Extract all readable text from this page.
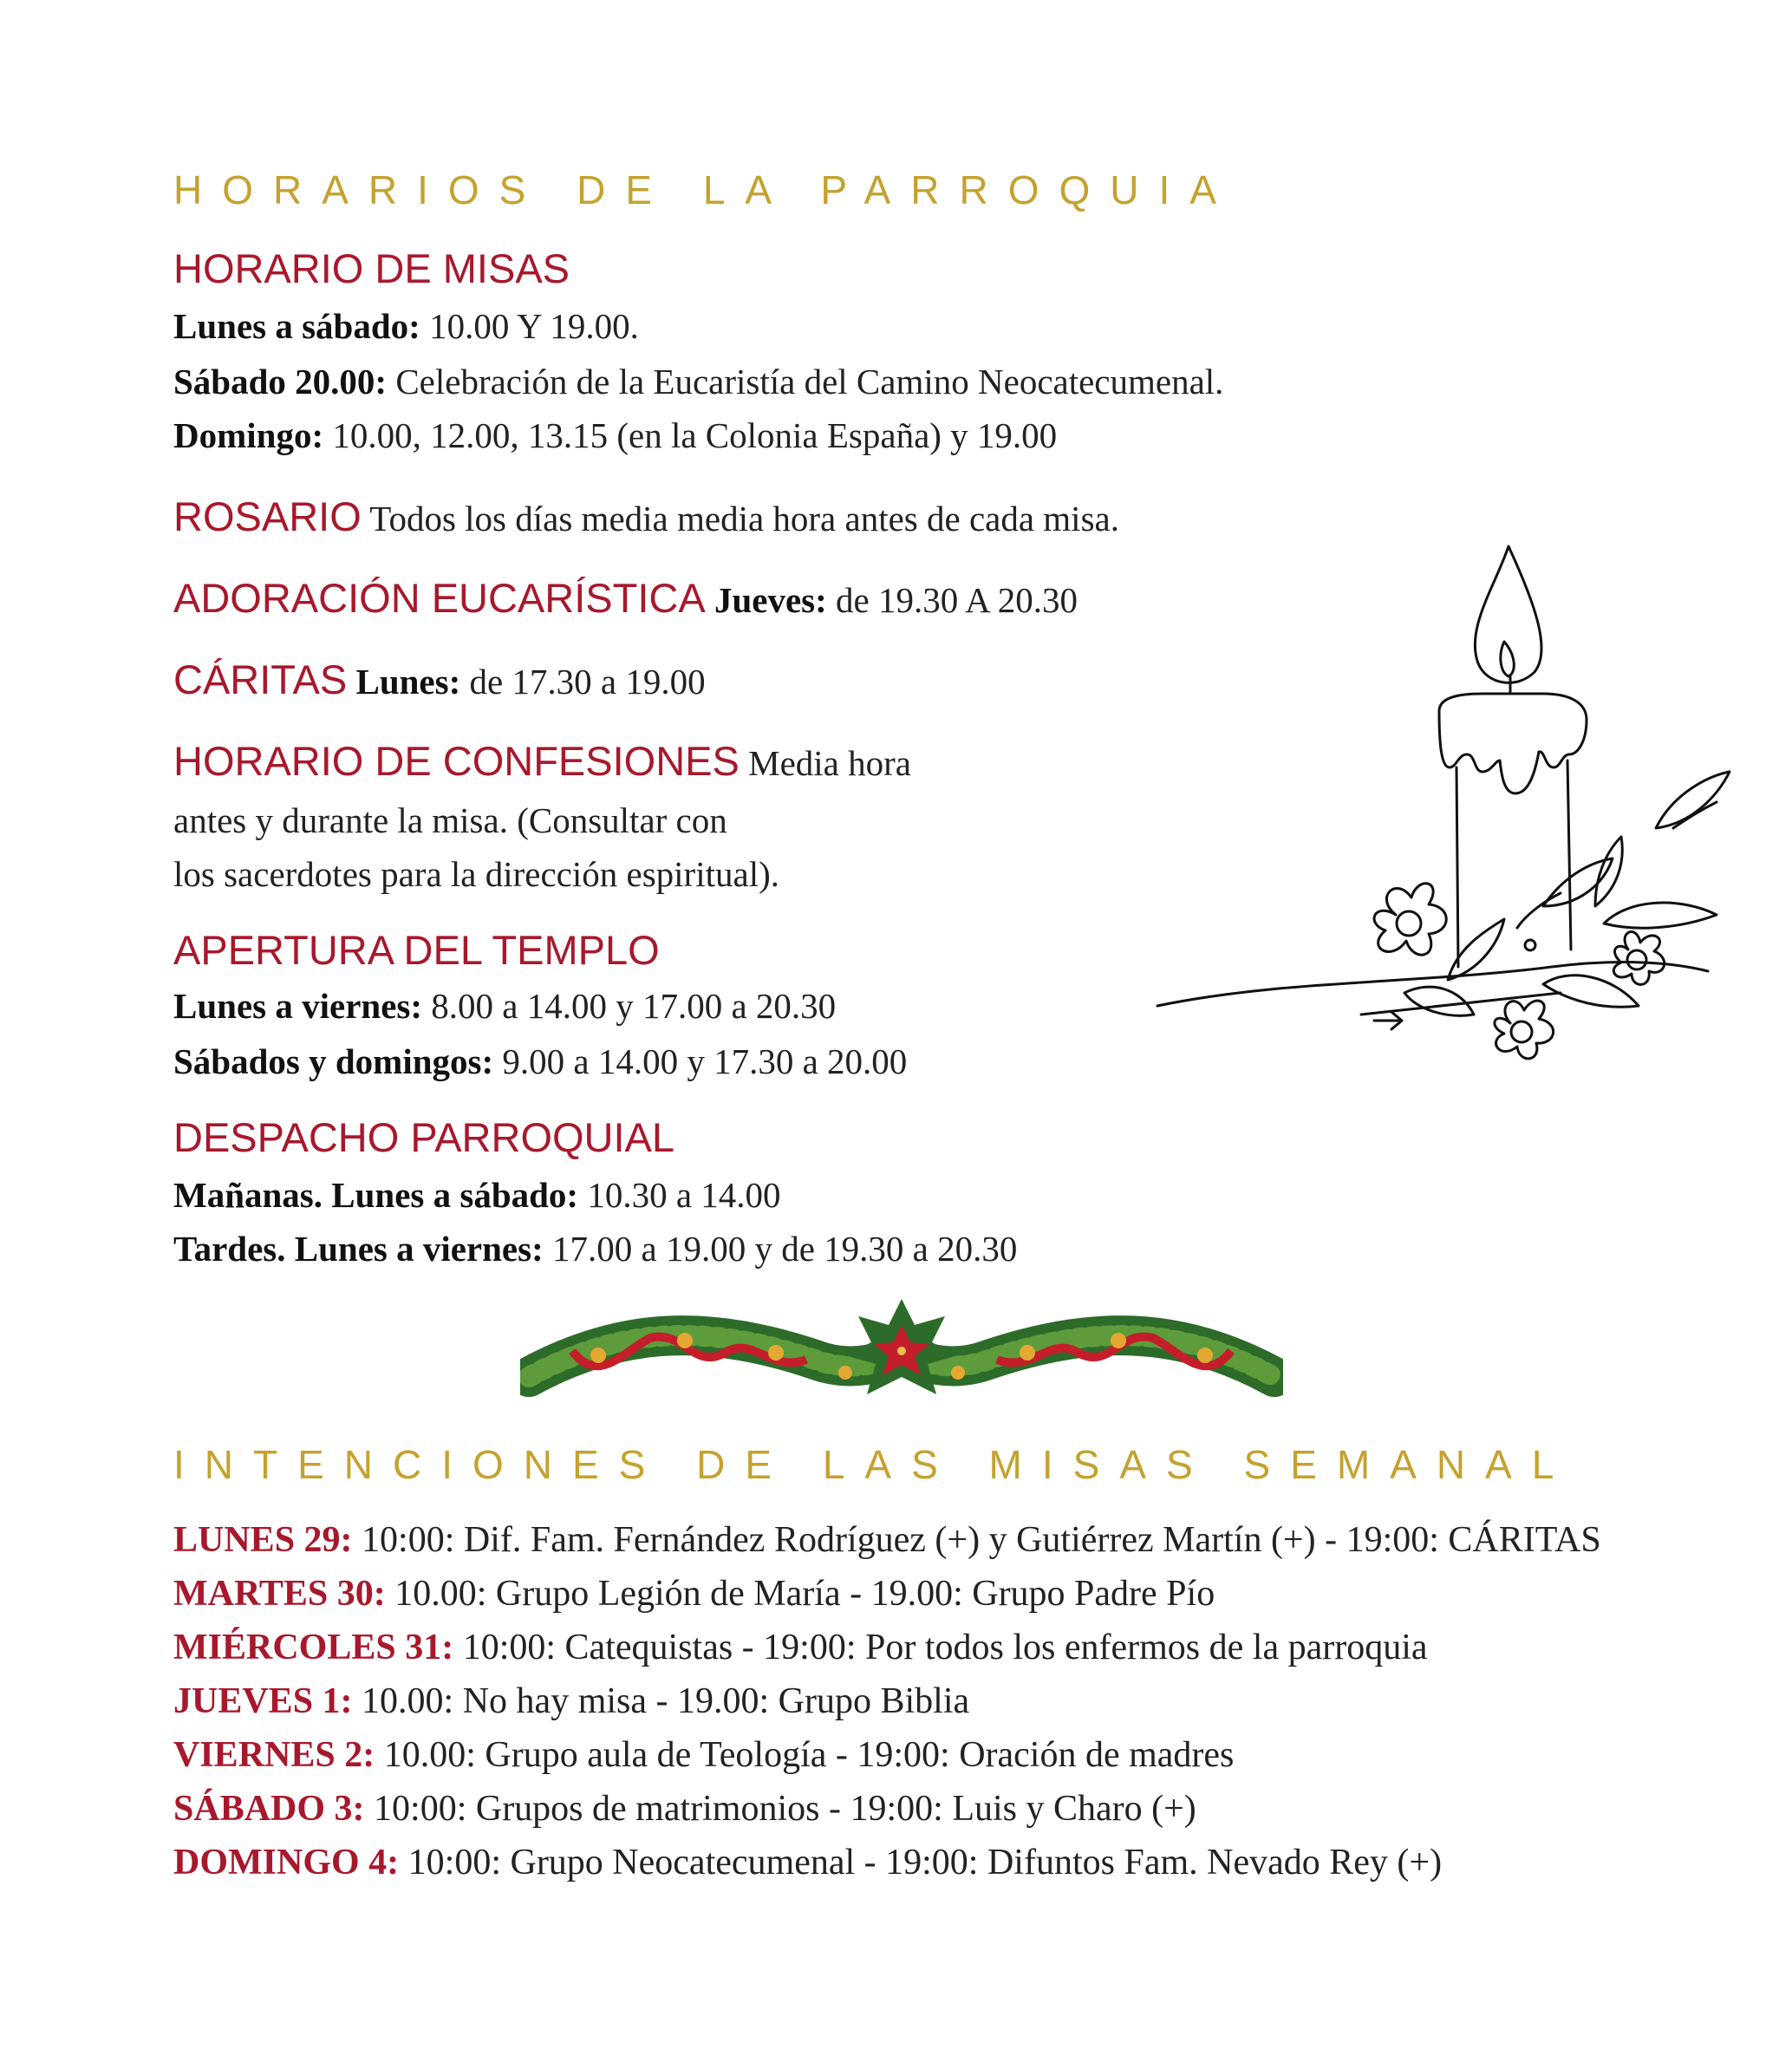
HORARIOS DE LA PARROQUIA
HORARIO DE MISAS
Lunes a sábado: 10.00 Y 19.00.
Sábado 20.00: Celebración de la Eucaristía del Camino Neocatecumenal.
Domingo: 10.00, 12.00, 13.15 (en la Colonia España) y 19.00
ROSARIO Todos los días media media hora antes de cada misa.
ADORACIÓN EUCARÍSTICA Jueves: de 19.30 A 20.30
CÁRITAS Lunes: de 17.30 a 19.00
HORARIO DE CONFESIONES Media hora
antes y durante la misa. (Consultar con
los sacerdotes para la dirección espiritual).
APERTURA DEL TEMPLO
Lunes a viernes: 8.00 a 14.00 y 17.00 a 20.30
Sábados y domingos: 9.00 a 14.00 y 17.30 a 20.00
DESPACHO PARROQUIAL
Mañanas. Lunes a sábado: 10.30 a 14.00
Tardes. Lunes a viernes: 17.00 a 19.00 y de 19.30 a 20.30
INTENCIONES DE LAS MISAS SEMANAL
LUNES 29: 10:00: Dif. Fam. Fernández Rodríguez (+) y Gutiérrez Martín (+) - 19:00: CÁRITAS
MARTES 30: 10.00: Grupo Legión de María - 19.00: Grupo Padre Pío
MIÉRCOLES 31: 10:00: Catequistas - 19:00: Por todos los enfermos de la parroquia
JUEVES 1: 10.00: No hay misa - 19.00: Grupo Biblia
VIERNES 2: 10.00: Grupo aula de Teología - 19:00: Oración de madres
SÁBADO 3: 10:00: Grupos de matrimonios - 19:00: Luis y Charo (+)
DOMINGO 4: 10:00: Grupo Neocatecumenal - 19:00: Difuntos Fam. Nevado Rey (+)
